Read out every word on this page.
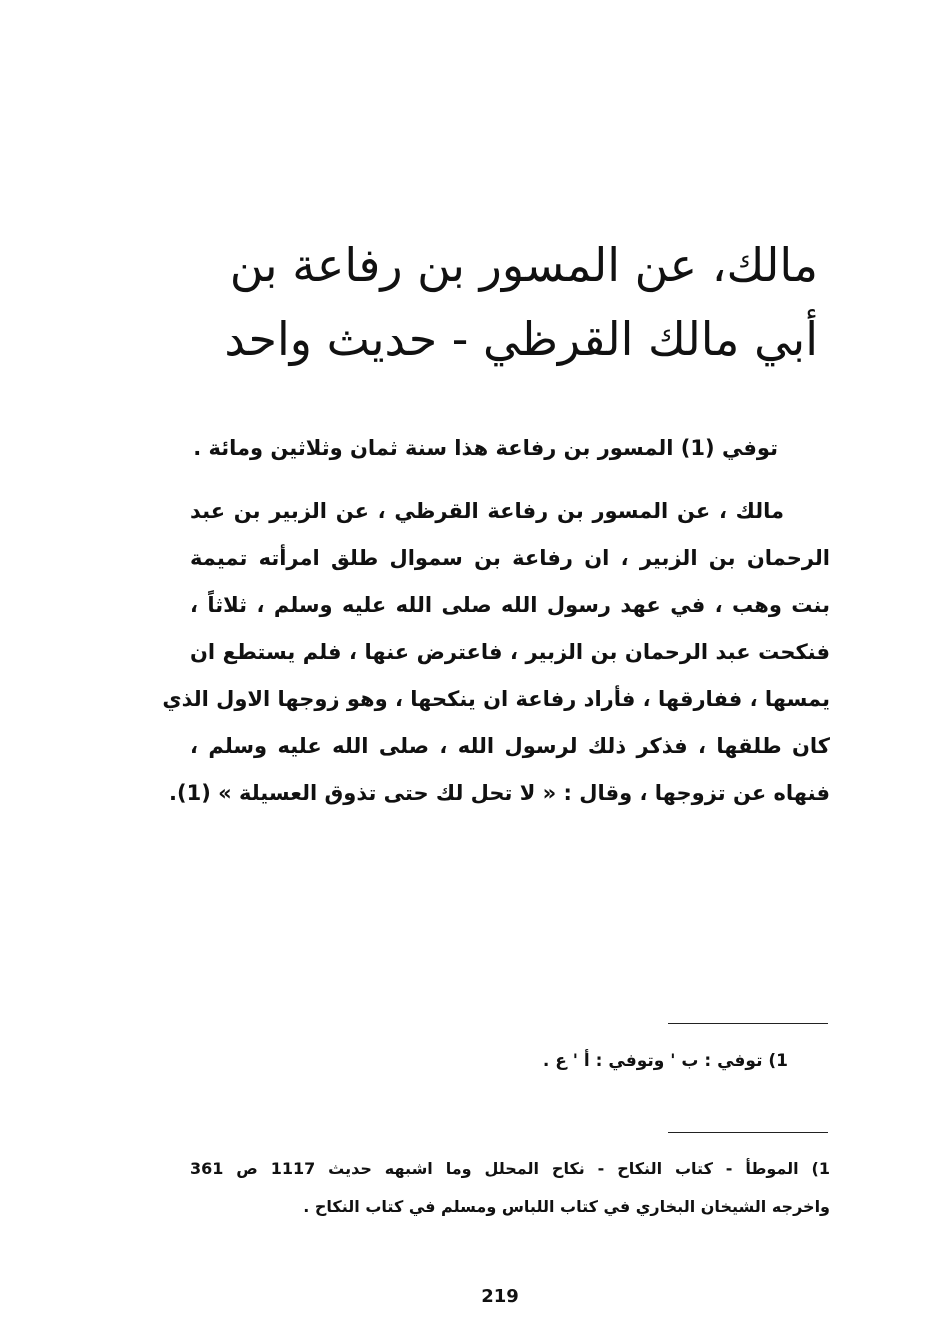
مالك، عن المسور بن رفاعة بن
أبي مالك القرظي - حديث واحد
توفي (1) المسور بن رفاعة هذا سنة ثمان وثلاثين ومائة .
مالك ، عن المسور بن رفاعة القرظي ، عن الزبير بن عبد
الرحمان بن الزبير ، ان رفاعة بن سموال طلق امرأته تميمة
بنت وهب ، في عهد رسول الله صلى الله عليه وسلم ، ثلاثاً ،
فنكحت عبد الرحمان بن الزبير ، فاعترض عنها ، فلم يستطع ان
يمسها ، ففارقها ، فأراد رفاعة ان ينكحها ، وهو زوجها الاول الذي
كان طلقها ، فذكر ذلك لرسول الله ، صلى الله عليه وسلم ،
فنهاه عن تزوجها ، وقال : « لا تحل لك حتى تذوق العسيلة » (1).
1) توفي : ب ' وتوفي : أ ' ع .
1) الموطأ - كتاب النكاح - نكاح المحلل وما اشبهه حديث 1117 ص 361
واخرجه الشيخان البخاري في كتاب اللباس ومسلم في كتاب النكاح .
219
